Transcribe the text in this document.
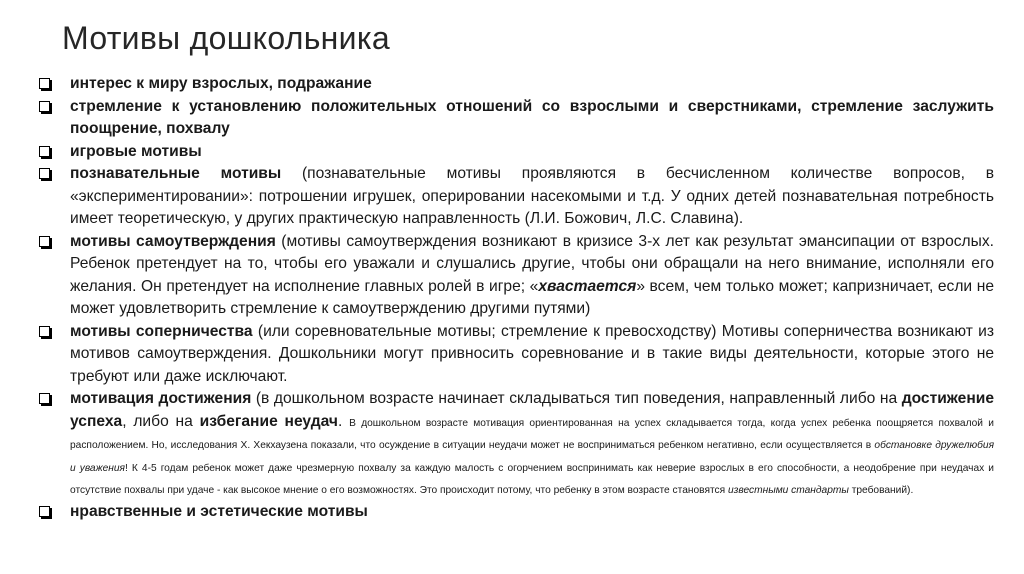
Мотивы дошкольника
интерес к миру взрослых, подражание
стремление к установлению положительных отношений со взрослыми и сверстниками, стремление заслужить поощрение, похвалу
игровые мотивы
познавательные мотивы (познавательные мотивы проявляются в бесчисленном количестве вопросов, в «экспериментировании»: потрошении игрушек, оперировании насекомыми и т.д. У одних детей познавательная потребность имеет теоретическую, у других практическую направленность (Л.И. Божович, Л.С. Славина).
мотивы самоутверждения (мотивы самоутверждения возникают в кризисе 3-х лет как результат эмансипации от взрослых. Ребенок претендует на то, чтобы его уважали и слушались другие, чтобы они обращали на него внимание, исполняли его желания. Он претендует на исполнение главных ролей в игре; «хвастается» всем, чем только может; капризничает, если не может удовлетворить стремление к самоутверждению другими путями)
мотивы соперничества (или соревновательные мотивы; стремление к превосходству) Мотивы соперничества возникают из мотивов самоутверждения. Дошкольники могут привносить соревнование и в такие виды деятельности, которые этого не требуют или даже исключают.
мотивация достижения (в дошкольном возрасте начинает складываться тип поведения, направленный либо на достижение успеха, либо на избегание неудач. В дошкольном возрасте мотивация ориентированная на успех складывается тогда, когда успех ребенка поощряется похвалой и расположением. Но, исследования Х. Хекхаузена показали, что осуждение в ситуации неудачи может не восприниматься ребенком негативно, если осуществляется в обстановке дружелюбия и уважения! К 4-5 годам ребенок может даже чрезмерную похвалу за каждую малость с огорчением воспринимать как неверие взрослых в его способности, а неодобрение при неудачах и отсутствие похвалы при удаче - как высокое мнение о его возможностях. Это происходит потому, что ребенку в этом возрасте становятся известными стандарты требований).
нравственные и эстетические мотивы
